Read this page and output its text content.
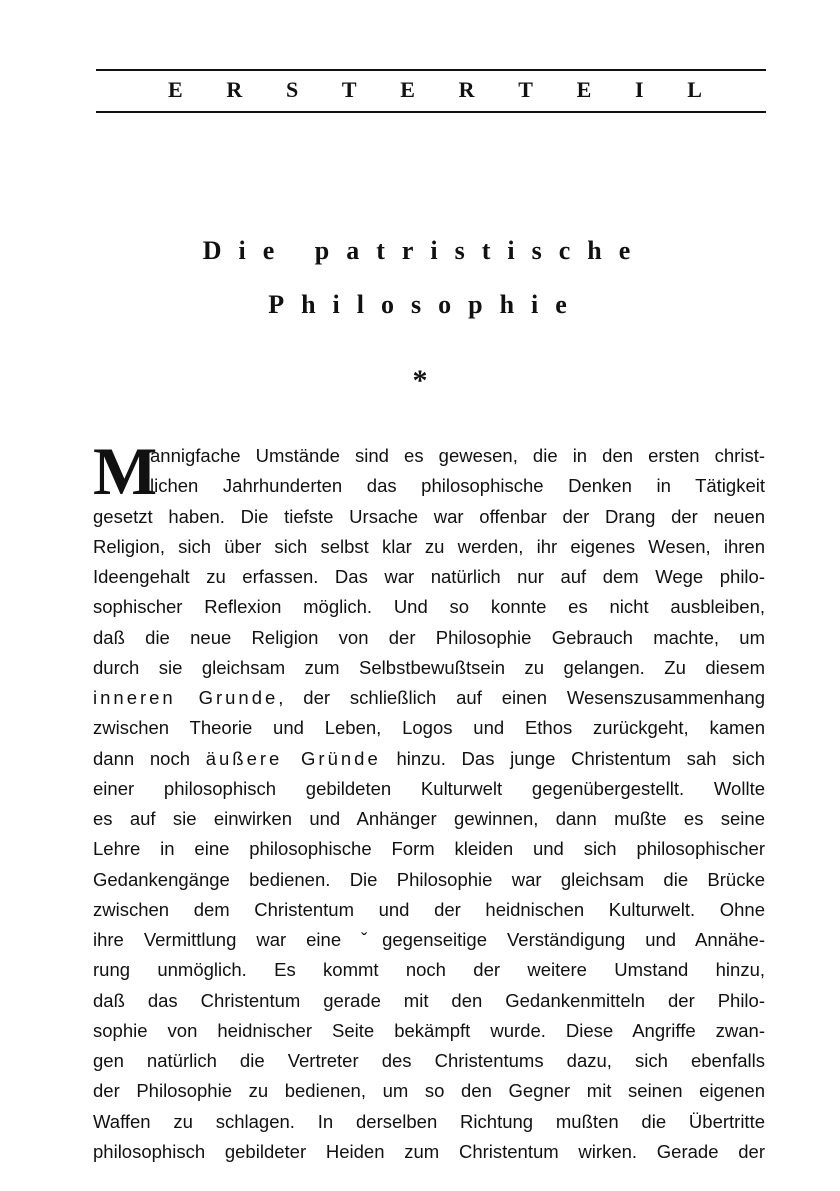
E R S T E R T E I L
Die patristische
Philosophie
*
M
annigfache Umstände sind es gewesen, die in den ersten christ-
lichen Jahrhunderten das philosophische Denken in Tätigkeit
gesetzt haben. Die tiefste Ursache war offenbar der Drang der neuen
Religion, sich über sich selbst klar zu werden, ihr eigenes Wesen, ihren
Ideengehalt zu erfassen. Das war natürlich nur auf dem Wege philo-
sophischer Reflexion möglich. Und so konnte es nicht ausbleiben,
daß die neue Religion von der Philosophie Gebrauch machte, um
durch sie gleichsam zum Selbstbewußtsein zu gelangen. Zu diesem
inneren Grunde, der schließlich auf einen Wesenszusammenhang
zwischen Theorie und Leben, Logos und Ethos zurückgeht, kamen
dann noch äußere Gründe hinzu. Das junge Christentum sah sich
einer philosophisch gebildeten Kulturwelt gegenübergestellt. Wollte
es auf sie einwirken und Anhänger gewinnen, dann mußte es seine
Lehre in eine philosophische Form kleiden und sich philosophischer
Gedankengänge bedienen. Die Philosophie war gleichsam die Brücke
zwischen dem Christentum und der heidnischen Kulturwelt. Ohne
ihre Vermittlung war eine ˇgegenseitige Verständigung und Annähe-
rung unmöglich. Es kommt noch der weitere Umstand hinzu,
daß das Christentum gerade mit den Gedankenmitteln der Philo-
sophie von heidnischer Seite bekämpft wurde. Diese Angriffe zwan-
gen natürlich die Vertreter des Christentums dazu, sich ebenfalls
der Philosophie zu bedienen, um so den Gegner mit seinen eigenen
Waffen zu schlagen. In derselben Richtung mußten die Übertritte
philosophisch gebildeter Heiden zum Christentum wirken. Gerade der
